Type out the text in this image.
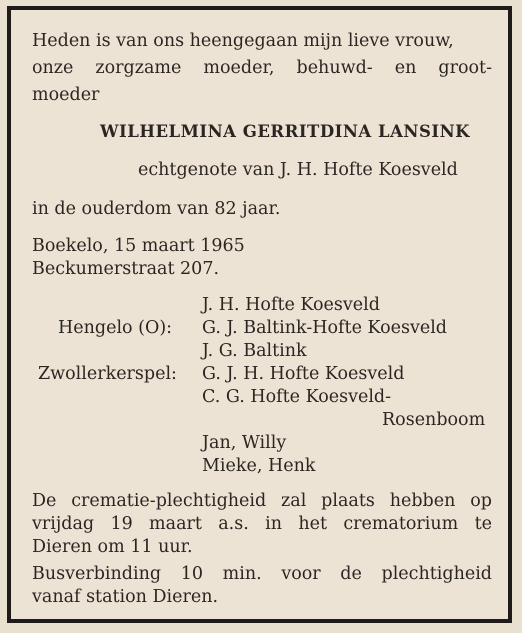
Heden is van ons heengegaan mijn lieve vrouw,
onze zorgzame moeder, behuwd- en groot-
moeder
WILHELMINA GERRITDINA LANSINK
echtgenote van J. H. Hofte Koesveld
in de ouderdom van 82 jaar.
Boekelo, 15 maart 1965
Beckumerstraat 207.
J. H. Hofte Koesveld
Hengelo (O): G. J. Baltink-Hofte Koesveld
J. G. Baltink
Zwollerkerspel: G. J. H. Hofte Koesveld
C. G. Hofte Koesveld-
Rosenboom
Jan, Willy
Mieke, Henk
De crematie-plechtigheid zal plaats hebben op
vrijdag 19 maart a.s. in het crematorium te
Dieren om 11 uur.
Busverbinding 10 min. voor de plechtigheid
vanaf station Dieren.
